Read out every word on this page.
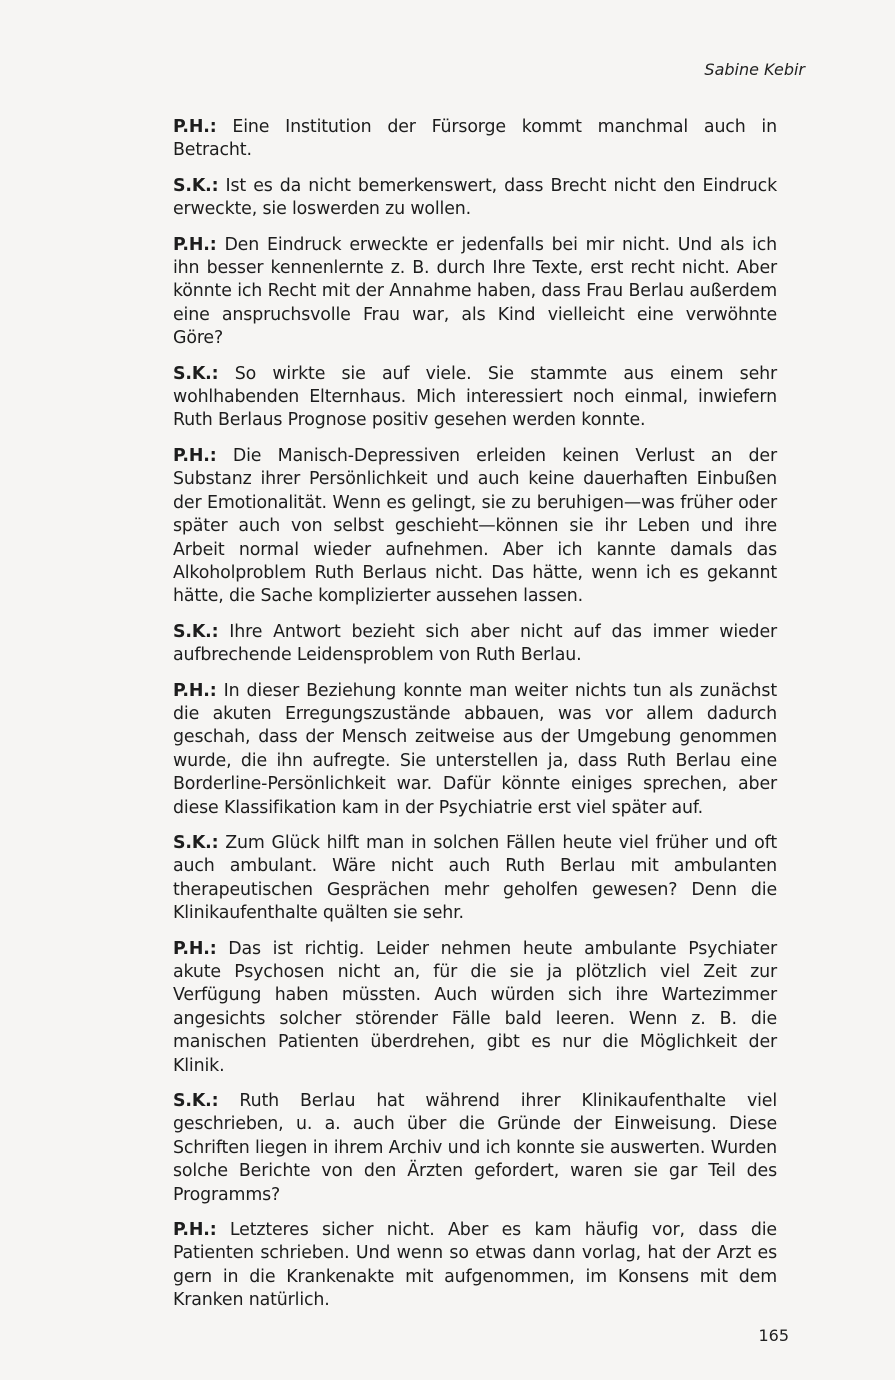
Sabine Kebir

P.H.: Eine Institution der Fürsorge kommt manchmal auch in Betracht.

S.K.: Ist es da nicht bemerkenswert, dass Brecht nicht den Eindruck erweckte, sie loswerden zu wollen.

P.H.: Den Eindruck erweckte er jedenfalls bei mir nicht. Und als ich ihn besser kennenlernte z. B. durch Ihre Texte, erst recht nicht. Aber könnte ich Recht mit der Annahme haben, dass Frau Berlau außerdem eine anspruchsvolle Frau war, als Kind vielleicht eine verwöhnte Göre?

S.K.: So wirkte sie auf viele. Sie stammte aus einem sehr wohlhabenden Elternhaus. Mich interessiert noch einmal, inwiefern Ruth Berlaus Prognose positiv gesehen werden konnte.

P.H.: Die Manisch-Depressiven erleiden keinen Verlust an der Substanz ihrer Persönlichkeit und auch keine dauerhaften Einbußen der Emotionalität. Wenn es gelingt, sie zu beruhigen—was früher oder später auch von selbst geschieht—können sie ihr Leben und ihre Arbeit normal wieder aufnehmen. Aber ich kannte damals das Alkoholproblem Ruth Berlaus nicht. Das hätte, wenn ich es gekannt hätte, die Sache komplizierter aussehen lassen.

S.K.: Ihre Antwort bezieht sich aber nicht auf das immer wieder aufbrechende Leidensproblem von Ruth Berlau.

P.H.: In dieser Beziehung konnte man weiter nichts tun als zunächst die akuten Erregungszustände abbauen, was vor allem dadurch geschah, dass der Mensch zeitweise aus der Umgebung genommen wurde, die ihn aufregte. Sie unterstellen ja, dass Ruth Berlau eine Borderline-Persönlichkeit war. Dafür könnte einiges sprechen, aber diese Klassifikation kam in der Psychiatrie erst viel später auf.

S.K.: Zum Glück hilft man in solchen Fällen heute viel früher und oft auch ambulant. Wäre nicht auch Ruth Berlau mit ambulanten therapeutischen Gesprächen mehr geholfen gewesen? Denn die Klinikaufenthalte quälten sie sehr.

P.H.: Das ist richtig. Leider nehmen heute ambulante Psychiater akute Psychosen nicht an, für die sie ja plötzlich viel Zeit zur Verfügung haben müssten. Auch würden sich ihre Wartezimmer angesichts solcher störender Fälle bald leeren. Wenn z. B. die manischen Patienten überdrehen, gibt es nur die Möglichkeit der Klinik.

S.K.: Ruth Berlau hat während ihrer Klinikaufenthalte viel geschrieben, u. a. auch über die Gründe der Einweisung. Diese Schriften liegen in ihrem Archiv und ich konnte sie auswerten. Wurden solche Berichte von den Ärzten gefordert, waren sie gar Teil des Programms?

P.H.: Letzteres sicher nicht. Aber es kam häufig vor, dass die Patienten schrieben. Und wenn so etwas dann vorlag, hat der Arzt es gern in die Krankenakte mit aufgenommen, im Konsens mit dem Kranken natürlich.

165
